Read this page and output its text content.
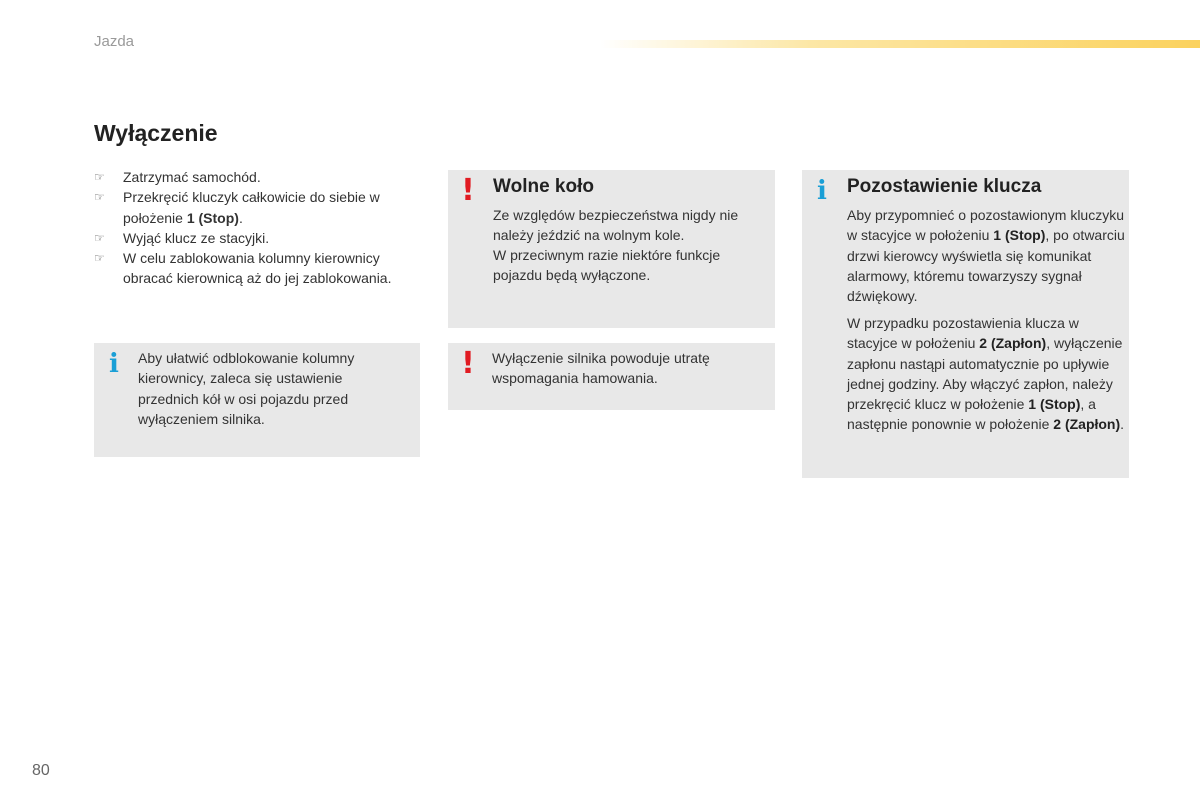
Jazda
Wyłączenie
☞ Zatrzymać samochód.
☞ Przekręcić kluczyk całkowicie do siebie w położenie 1 (Stop).
☞ Wyjąć klucz ze stacyjki.
☞ W celu zablokowania kolumny kierownicy obracać kierownicą aż do jej zablokowania.
i	Aby ułatwić odblokowanie kolumny kierownicy, zaleca się ustawienie przednich kół w osi pojazdu przed wyłączeniem silnika.

! Wolne koło

Ze względów bezpieczeństwa nigdy nie należy jeździć na wolnym kole.

W przeciwnym razie niektóre funkcje pojazdu będą wyłączone.

!	Wyłączenie silnika powoduje utratę wspomagania hamowania.

i	Pozostawienie klucza

Aby przypomnieć o pozostawionym kluczyku w stacyjce w położeniu 1 (Stop), po otwarciu drzwi kierowcy wyświetla się komunikat alarmowy, któremu towarzyszy sygnał dźwiękowy.

W przypadku pozostawienia klucza w stacyjce w położeniu 2 (Zapłon), wyłączenie zapłonu nastąpi automatycznie po upływie jednej godziny. Aby włączyć zapłon, należy przekręcić klucz w położenie 1 (Stop), a następnie ponownie w położenie 2 (Zapłon).

80
